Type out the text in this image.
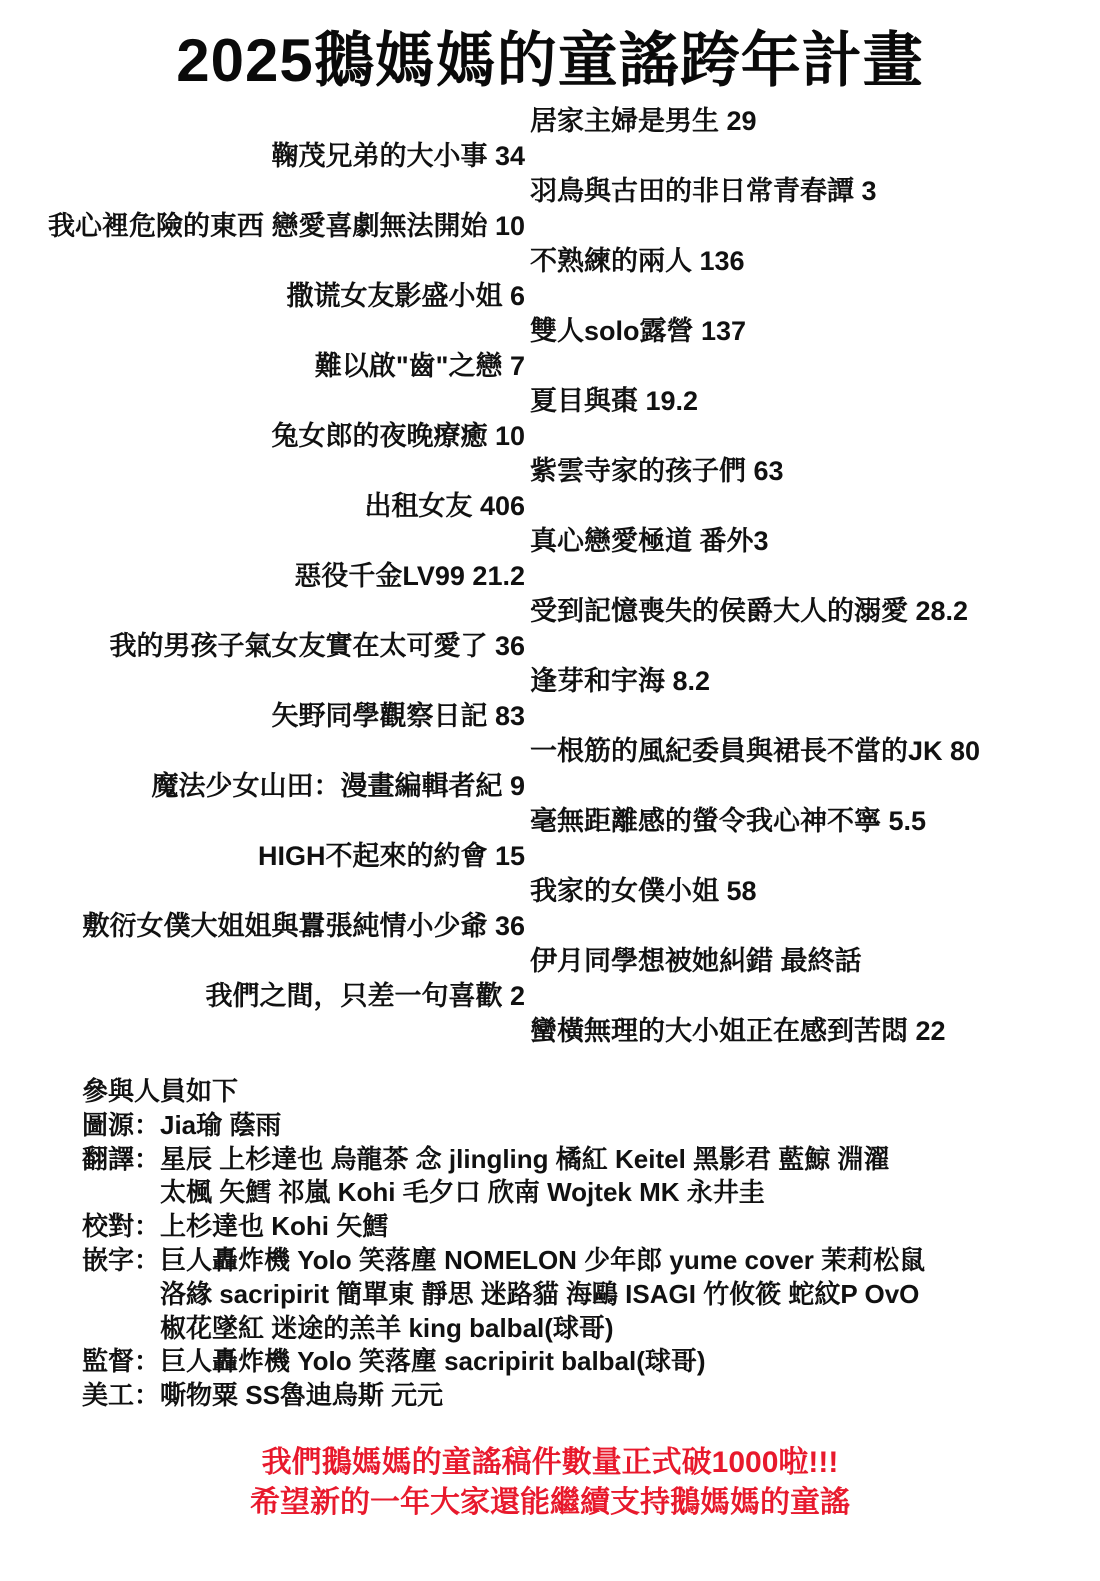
2025鵝媽媽的童謠跨年計畫
居家主婦是男生 29
鞠茂兄弟的大小事 34
羽鳥與古田的非日常青春譚 3
我心裡危險的東西 戀愛喜劇無法開始 10
不熟練的兩人 136
撒谎女友影盛小姐 6
雙人solo露營 137
難以啟"齒"之戀 7
夏目與棗 19.2
兔女郎的夜晚療癒 10
紫雲寺家的孩子們 63
出租女友 406
真心戀愛極道 番外3
惡役千金LV99 21.2
受到記憶喪失的侯爵大人的溺愛 28.2
我的男孩子氣女友實在太可愛了 36
逢芽和宇海 8.2
矢野同學觀察日記 83
一根筋的風紀委員與裙長不當的JK 80
魔法少女山田：漫畫編輯者紀 9
毫無距離感的螢令我心神不寧 5.5
HIGH不起來的約會 15
我家的女僕小姐 58
敷衍女僕大姐姐與囂張純情小少爺 36
伊月同學想被她糾錯 最終話
我們之間，只差一句喜歡 2
蠻橫無理的大小姐正在感到苦悶 22
參與人員如下
圖源：Jia瑜 蔭雨
翻譯：星辰 上杉達也 烏龍茶 念 jlingling 橘紅 Keitel 黑影君 藍鯨 淵濯
太楓 矢鱈 祁嵐 Kohi 毛夕口 欣南 Wojtek MK 永井圭
校對：上杉達也 Kohi 矢鱈
嵌字：巨人轟炸機 Yolo 笑落塵 NOMELON 少年郎 yume cover 茉莉松鼠
洛緣 sacripirit 簡單東 靜思 迷路貓 海鷗 ISAGI 竹攸筱 蛇紋P OvO
椒花墜紅 迷途的羔羊 king balbal(球哥)
監督：巨人轟炸機 Yolo 笑落塵 sacripirit balbal(球哥)
美工：嘶物粟 SS魯迪烏斯 元元
我們鵝媽媽的童謠稿件數量正式破1000啦!!!
希望新的一年大家還能繼續支持鵝媽媽的童謠
